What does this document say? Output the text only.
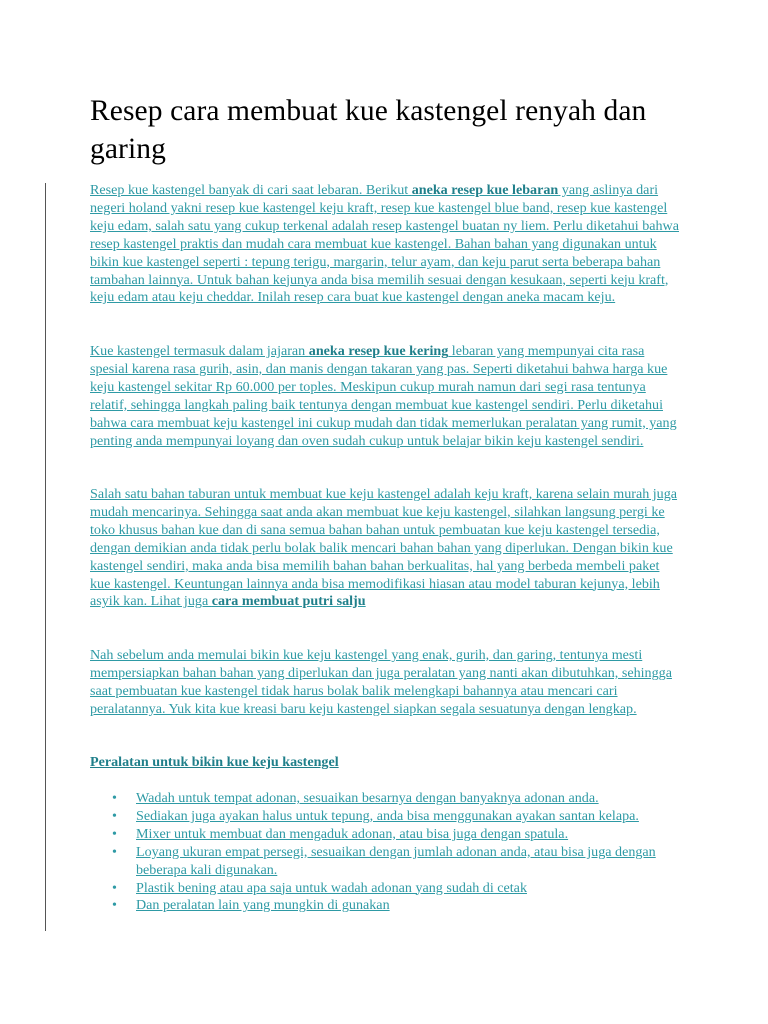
Resep cara membuat kue kastengel renyah dan garing

Resep kue kastengel banyak di cari saat lebaran. Berikut aneka resep kue lebaran yang aslinya dari negeri holand yakni resep kue kastengel keju kraft, resep kue kastengel blue band, resep kue kastengel keju edam, salah satu yang cukup terkenal adalah resep kastengel buatan ny liem. Perlu diketahui bahwa resep kastengel praktis dan mudah cara membuat kue kastengel. Bahan bahan yang digunakan untuk bikin kue kastengel seperti : tepung terigu, margarin, telur ayam, dan keju parut serta beberapa bahan tambahan lainnya. Untuk bahan kejunya anda bisa memilih sesuai dengan kesukaan, seperti keju kraft, keju edam atau keju cheddar. Inilah resep cara buat kue kastengel dengan aneka macam keju.

Kue kastengel termasuk dalam jajaran aneka resep kue kering lebaran yang mempunyai cita rasa spesial karena rasa gurih, asin, dan manis dengan takaran yang pas. Seperti diketahui bahwa harga kue keju kastengel sekitar Rp 60.000 per toples. Meskipun cukup murah namun dari segi rasa tentunya relatif, sehingga langkah paling baik tentunya dengan membuat kue kastengel sendiri. Perlu diketahui bahwa cara membuat keju kastengel ini cukup mudah dan tidak memerlukan peralatan yang rumit, yang penting anda mempunyai loyang dan oven sudah cukup untuk belajar bikin keju kastengel sendiri.

Salah satu bahan taburan untuk membuat kue keju kastengel adalah keju kraft, karena selain murah juga mudah mencarinya. Sehingga saat anda akan membuat kue keju kastengel, silahkan langsung pergi ke toko khusus bahan kue dan di sana semua bahan bahan untuk pembuatan kue keju kastengel tersedia, dengan demikian anda tidak perlu bolak balik mencari bahan bahan yang diperlukan. Dengan bikin kue kastengel sendiri, maka anda bisa memilih bahan bahan berkualitas, hal yang berbeda membeli paket kue kastengel. Keuntungan lainnya anda bisa memodifikasi hiasan atau model taburan kejunya, lebih asyik kan. Lihat juga cara membuat putri salju

Nah sebelum anda memulai bikin kue keju kastengel yang enak, gurih, dan garing, tentunya mesti mempersiapkan bahan bahan yang diperlukan dan juga peralatan yang nanti akan dibutuhkan, sehingga saat pembuatan kue kastengel tidak harus bolak balik melengkapi bahannya atau mencari cari peralatannya. Yuk kita kue kreasi baru keju kastengel siapkan segala sesuatunya dengan lengkap.

Peralatan untuk bikin kue keju kastengel
• Wadah untuk tempat adonan, sesuaikan besarnya dengan banyaknya adonan anda.
• Sediakan juga ayakan halus untuk tepung, anda bisa menggunakan ayakan santan kelapa.
• Mixer untuk membuat dan mengaduk adonan, atau bisa juga dengan spatula.
• Loyang ukuran empat persegi, sesuaikan dengan jumlah adonan anda, atau bisa juga dengan beberapa kali digunakan.
• Plastik bening atau apa saja untuk wadah adonan yang sudah di cetak
• Dan peralatan lain yang mungkin di gunakan
